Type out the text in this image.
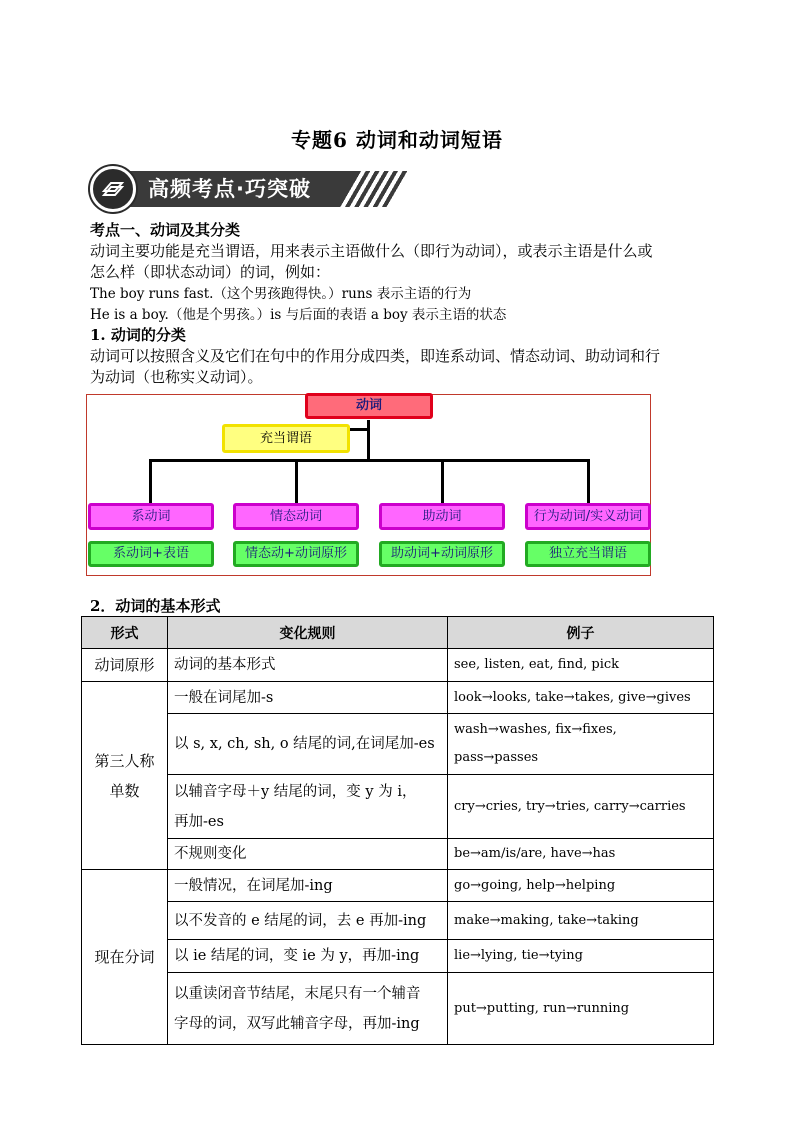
专题6 动词和动词短语
高频考点·巧突破
考点一、动词及其分类
动词主要功能是充当谓语，用来表示主语做什么（即行为动词），或表示主语是什么或
怎么样（即状态动词）的词，例如：
The boy runs fast.（这个男孩跑得快。）runs 表示主语的行为
He is a boy.（他是个男孩。）is 与后面的表语 a boy 表示主语的状态
1. 动词的分类
动词可以按照含义及它们在句中的作用分成四类，即连系动词、情态动词、助动词和行
为动词（也称实义动词）。
动词
充当谓语
系动词	情态动词	助动词	行为动词/实义动词
系动词+表语	情态动+动词原形	助动词+动词原形	独立充当谓语
2．动词的基本形式
形式	变化规则	例子
动词原形	动词的基本形式	see, listen, eat, find, pick

第三人称
单数	一般在词尾加-s	look→looks, take→takes, give→gives
	以 s, x, ch, sh, o 结尾的词,在词尾加-es	wash→washes, fix→fixes,
pass→passes

	以辅音字母＋y 结尾的词，变 y 为 i，
再加-es	cry→cries, try→tries, carry→carries
	不规则变化	be→am/is/are, have→has
现在分词	一般情况，在词尾加-ing	go→going, help→helping
	以不发音的 e 结尾的词，去 e 再加-ing	make→making, take→taking
	以 ie 结尾的词，变 ie 为 y，再加-ing	lie→lying, tie→tying

	以重读闭音节结尾，末尾只有一个辅音
字母的词，双写此辅音字母，再加-ing	put→putting, run→running
